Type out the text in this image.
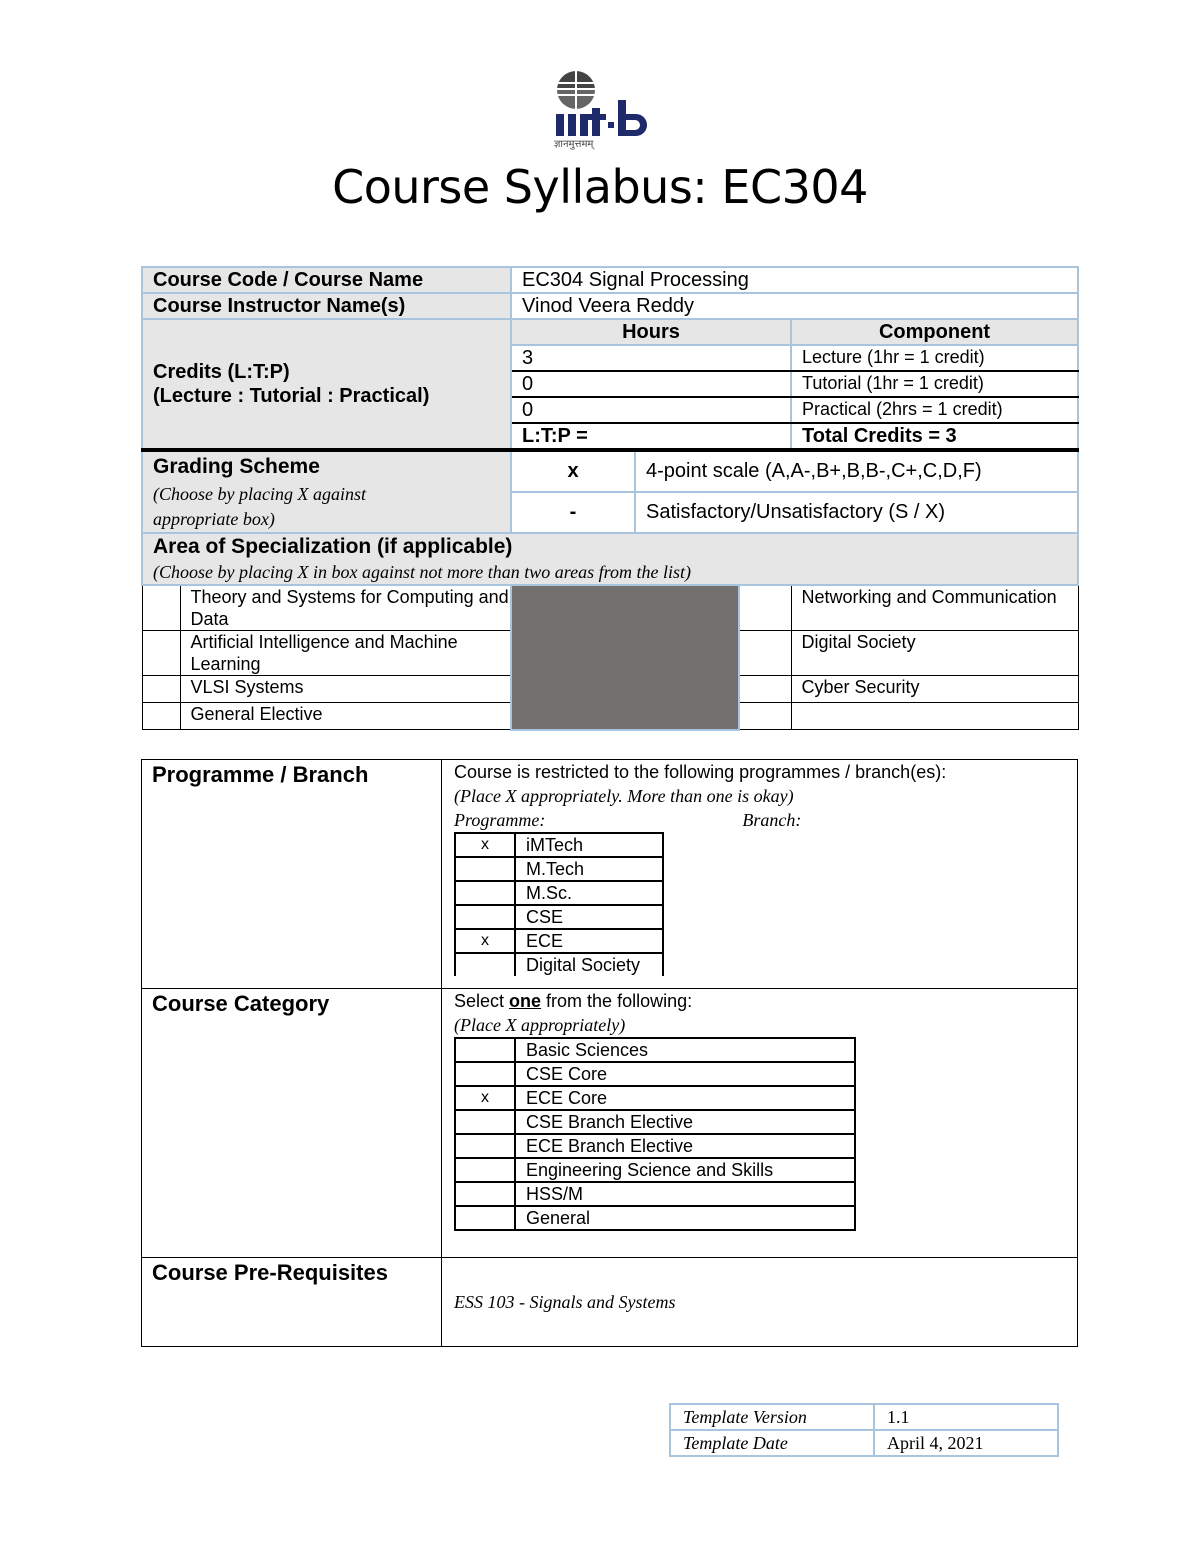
ज्ञानमुत्तमम्
Course Syllabus: EC304
Course Code / Course Name		EC304 Signal Processing			
Course Instructor Name(s)		Vinod Veera Reddy			

Credits (L:T:P)
(Lecture : Tutorial : Practical)		Hours			Component
		3			Lecture (1hr = 1 credit)
		0			Tutorial (1hr = 1 credit)
		0			Practical (2hrs = 1 credit)
		L:T:P =			Total Credits = 3

Grading Scheme
(Choose by placing X against appropriate box)		x	4-point scale (A,A-,B+,B,B-,C+,C,D,F)		
		-	Satisfactory/Unsatisfactory (S / X)		

Area of Specialization (if applicable)
(Choose by placing X in box against not more than two areas from the list)					

	Theory and Systems for Computing and Data				Networking and Communication
	Artificial Intelligence and Machine Learning				Digital Society
	VLSI Systems				Cyber Security
	General Elective				
Programme / Branch	Course is restricted to the following programmes / branch(es):
(Place X appropriately. More than one is okay)
Programme:	Branch:
x	iMTech
	M.Tech
	M.Sc.
	CSE
x	ECE
	Digital Society

Course Category	Select one from the following:
(Place X appropriately)
	Basic Sciences
	CSE Core
x	ECE Core
	CSE Branch Elective
	ECE Branch Elective
	Engineering Science and Skills
	HSS/M
	General

Course Pre-Requisites	
ESS 103 - Signals and Systems
Template Version	1.1
Template Date	April 4, 2021
